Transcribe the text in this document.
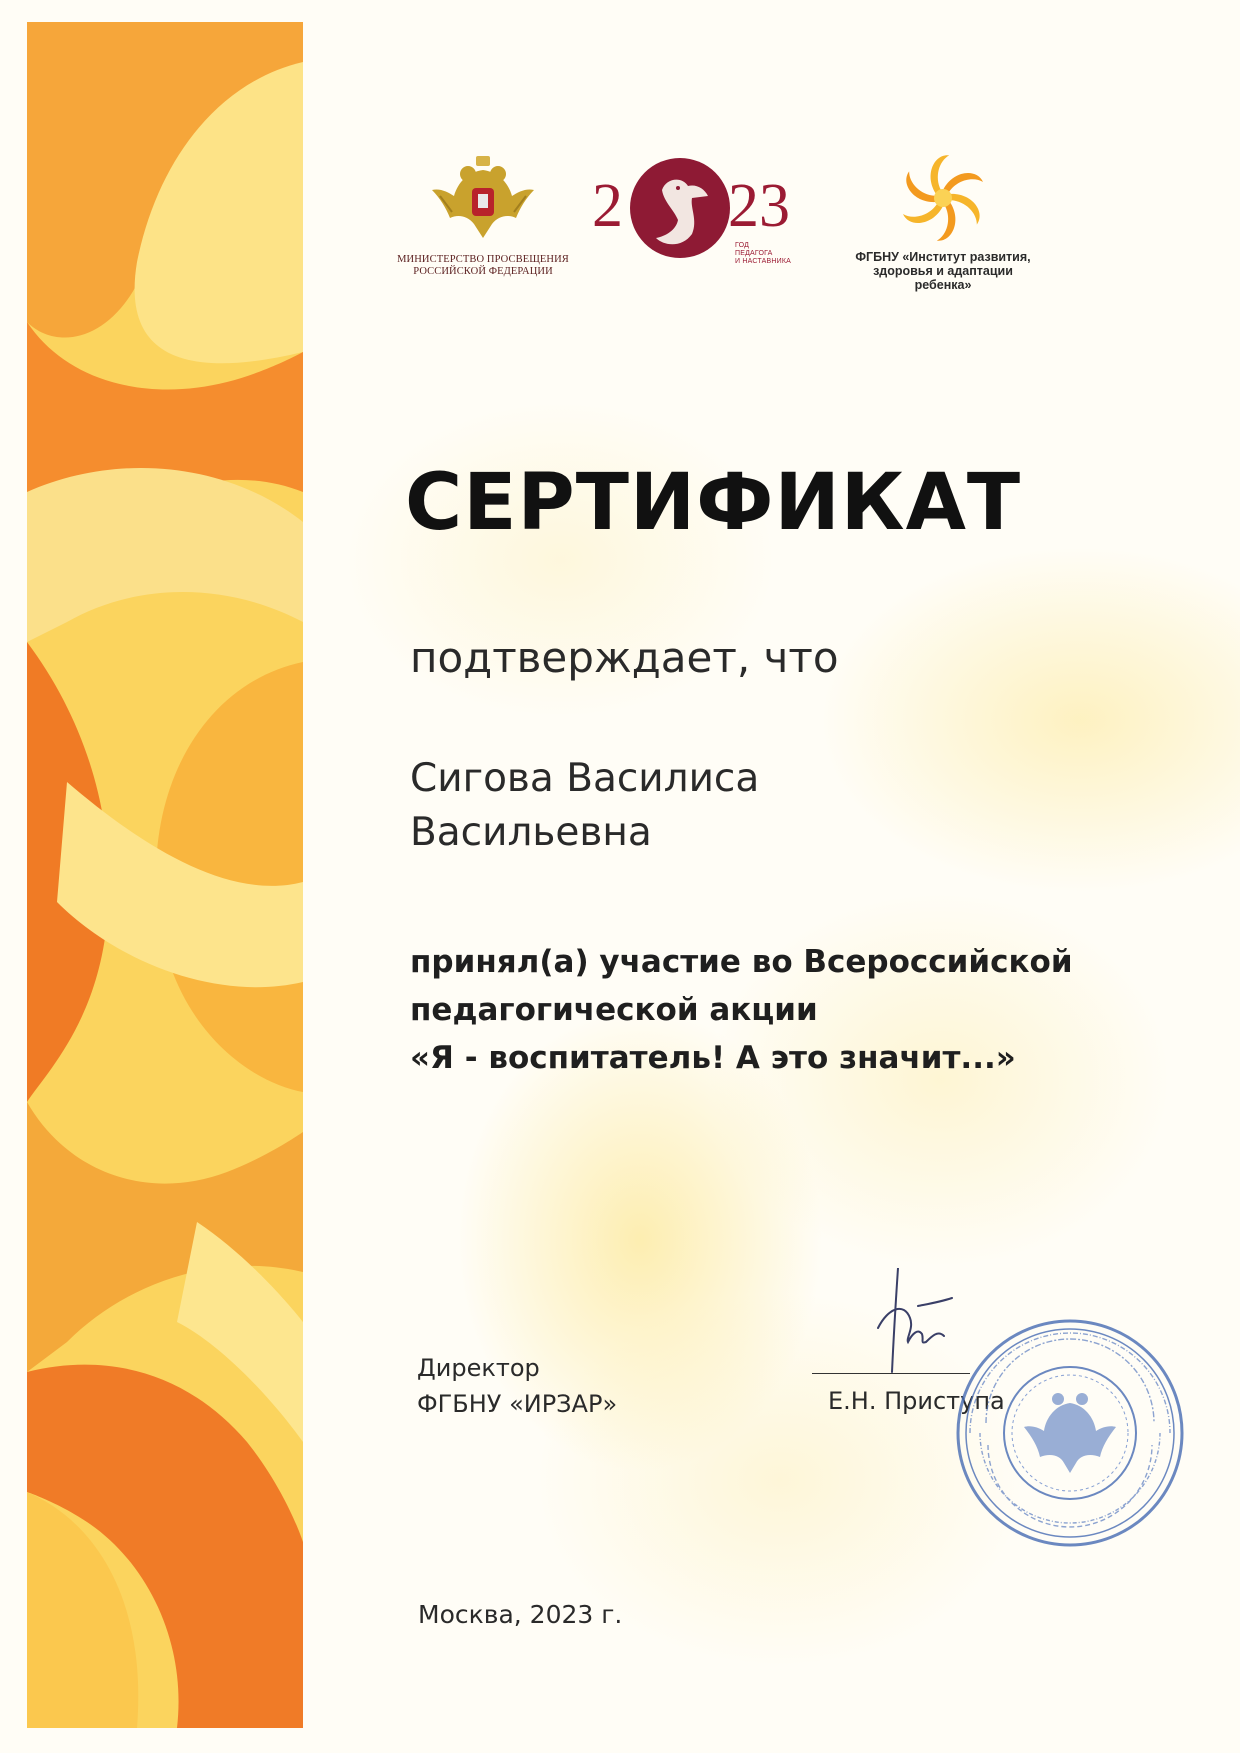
МИНИСТЕРСТВО ПРОСВЕЩЕНИЯ
РОССИЙСКОЙ ФЕДЕРАЦИИ
2 23
ГОД
ПЕДАГОГА
И НАСТАВНИКА	ФГБНУ «Институт развития,
здоровья и адаптации
ребенка»
СЕРТИФИКАТ
подтверждает, что
Сигова Василиса
Васильевна
принял(а) участие во Всероссийской
педагогической акции
«Я - воспитатель! А это значит...»
Директор
ФГБНУ «ИРЗАР»	Е.Н. Приступа
Москва, 2023 г.
